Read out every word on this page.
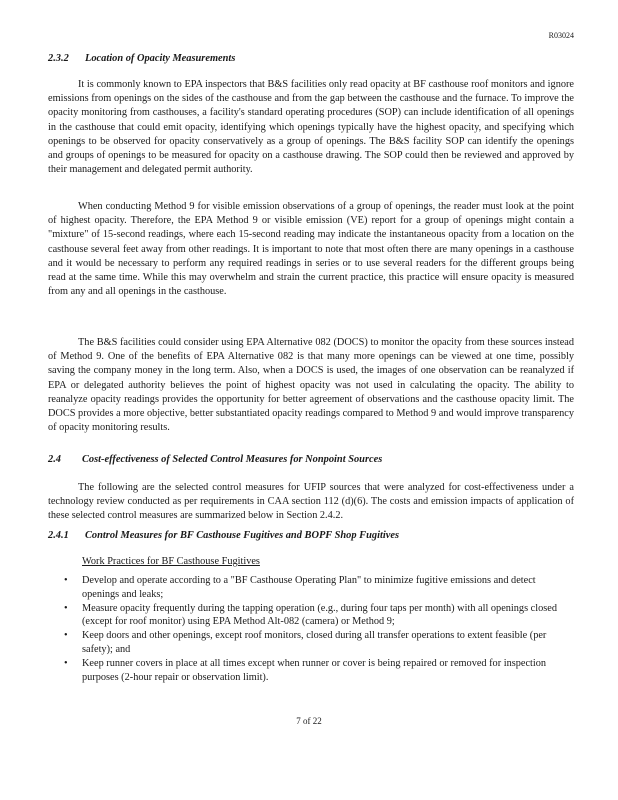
R03024
2.3.2 Location of Opacity Measurements

It is commonly known to EPA inspectors that B&S facilities only read opacity at BF casthouse roof monitors and ignore emissions from openings on the sides of the casthouse and from the gap between the casthouse and the furnace. To improve the opacity monitoring from casthouses, a facility's standard operating procedures (SOP) can include identification of all openings in the casthouse that could emit opacity, identifying which openings typically have the highest opacity, and specifying which openings to be observed for opacity conservatively as a group of openings. The B&S facility SOP can identify the openings and groups of openings to be measured for opacity on a casthouse drawing. The SOP could then be reviewed and approved by their management and delegated permit authority.

When conducting Method 9 for visible emission observations of a group of openings, the reader must look at the point of highest opacity. Therefore, the EPA Method 9 or visible emission (VE) report for a group of openings might contain a "mixture" of 15-second readings, where each 15-second reading may indicate the instantaneous opacity from a location on the casthouse several feet away from other readings. It is important to note that most often there are many openings in a casthouse and it would be necessary to perform any required readings in series or to use several readers for the different groups being read at the same time. While this may overwhelm and strain the current practice, this practice will ensure opacity is measured from any and all openings in the casthouse.

The B&S facilities could consider using EPA Alternative 082 (DOCS) to monitor the opacity from these sources instead of Method 9. One of the benefits of EPA Alternative 082 is that many more openings can be viewed at one time, possibly saving the company money in the long term. Also, when a DOCS is used, the images of one observation can be reanalyzed if EPA or delegated authority believes the point of highest opacity was not used in calculating the opacity. The ability to reanalyze opacity readings provides the opportunity for better agreement of observations and the casthouse opacity limit. The DOCS provides a more objective, better substantiated opacity readings compared to Method 9 and would improve transparency of opacity monitoring results.

2.4 Cost-effectiveness of Selected Control Measures for Nonpoint Sources

The following are the selected control measures for UFIP sources that were analyzed for cost-effectiveness under a technology review conducted as per requirements in CAA section 112 (d)(6). The costs and emission impacts of application of these selected control measures are summarized below in Section 2.4.2.

2.4.1 Control Measures for BF Casthouse Fugitives and BOPF Shop Fugitives
Work Practices for BF Casthouse Fugitives
• Develop and operate according to a "BF Casthouse Operating Plan" to minimize fugitive emissions and detect openings and leaks;
• Measure opacity frequently during the tapping operation (e.g., during four taps per month) with all openings closed (except for roof monitor) using EPA Method Alt-082 (camera) or Method 9;
• Keep doors and other openings, except roof monitors, closed during all transfer operations to extent feasible (per safety); and
• Keep runner covers in place at all times except when runner or cover is being repaired or removed for inspection purposes (2-hour repair or observation limit).
7 of 22
